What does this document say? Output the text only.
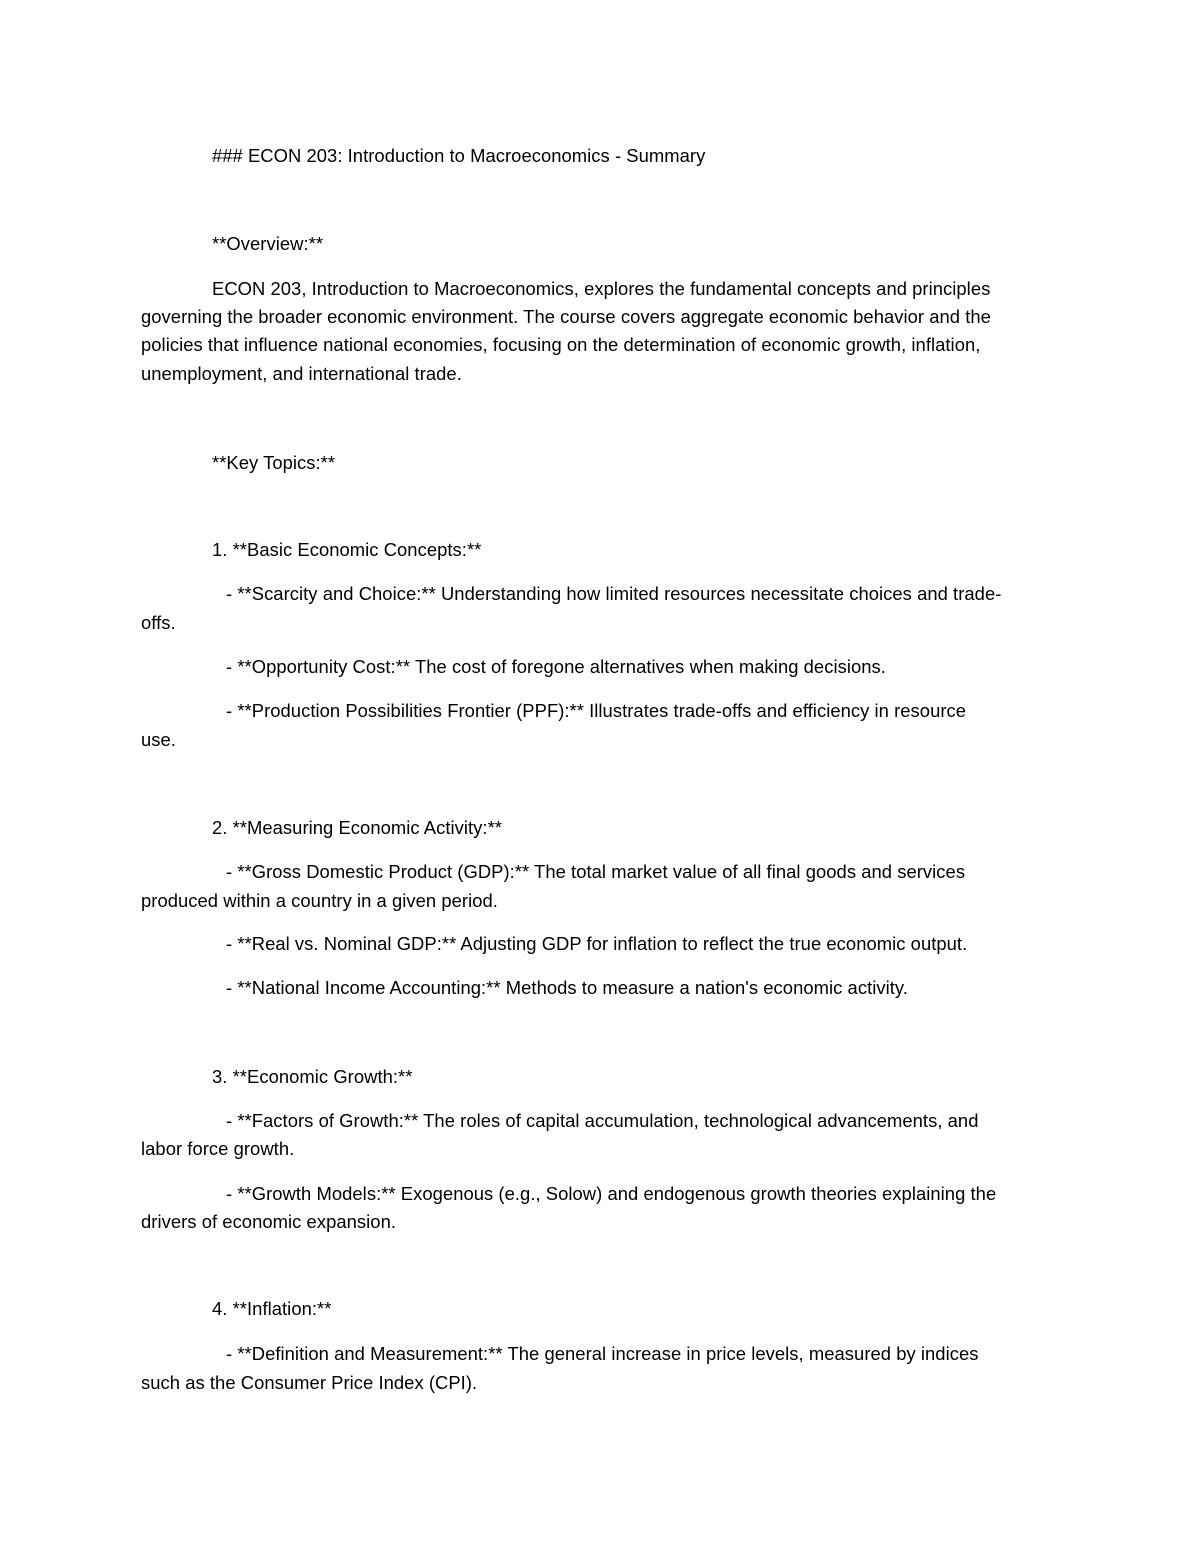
### ECON 203: Introduction to Macroeconomics - Summary
**Overview:**
ECON 203, Introduction to Macroeconomics, explores the fundamental concepts and principles
governing the broader economic environment. The course covers aggregate economic behavior and the
policies that influence national economies, focusing on the determination of economic growth, inflation,
unemployment, and international trade.
**Key Topics:**
1. **Basic Economic Concepts:**
- **Scarcity and Choice:** Understanding how limited resources necessitate choices and trade-
offs.
- **Opportunity Cost:** The cost of foregone alternatives when making decisions.
- **Production Possibilities Frontier (PPF):** Illustrates trade-offs and efficiency in resource
use.
2. **Measuring Economic Activity:**
- **Gross Domestic Product (GDP):** The total market value of all final goods and services
produced within a country in a given period.
- **Real vs. Nominal GDP:** Adjusting GDP for inflation to reflect the true economic output.
- **National Income Accounting:** Methods to measure a nation's economic activity.
3. **Economic Growth:**
- **Factors of Growth:** The roles of capital accumulation, technological advancements, and
labor force growth.
- **Growth Models:** Exogenous (e.g., Solow) and endogenous growth theories explaining the
drivers of economic expansion.
4. **Inflation:**
- **Definition and Measurement:** The general increase in price levels, measured by indices
such as the Consumer Price Index (CPI).
